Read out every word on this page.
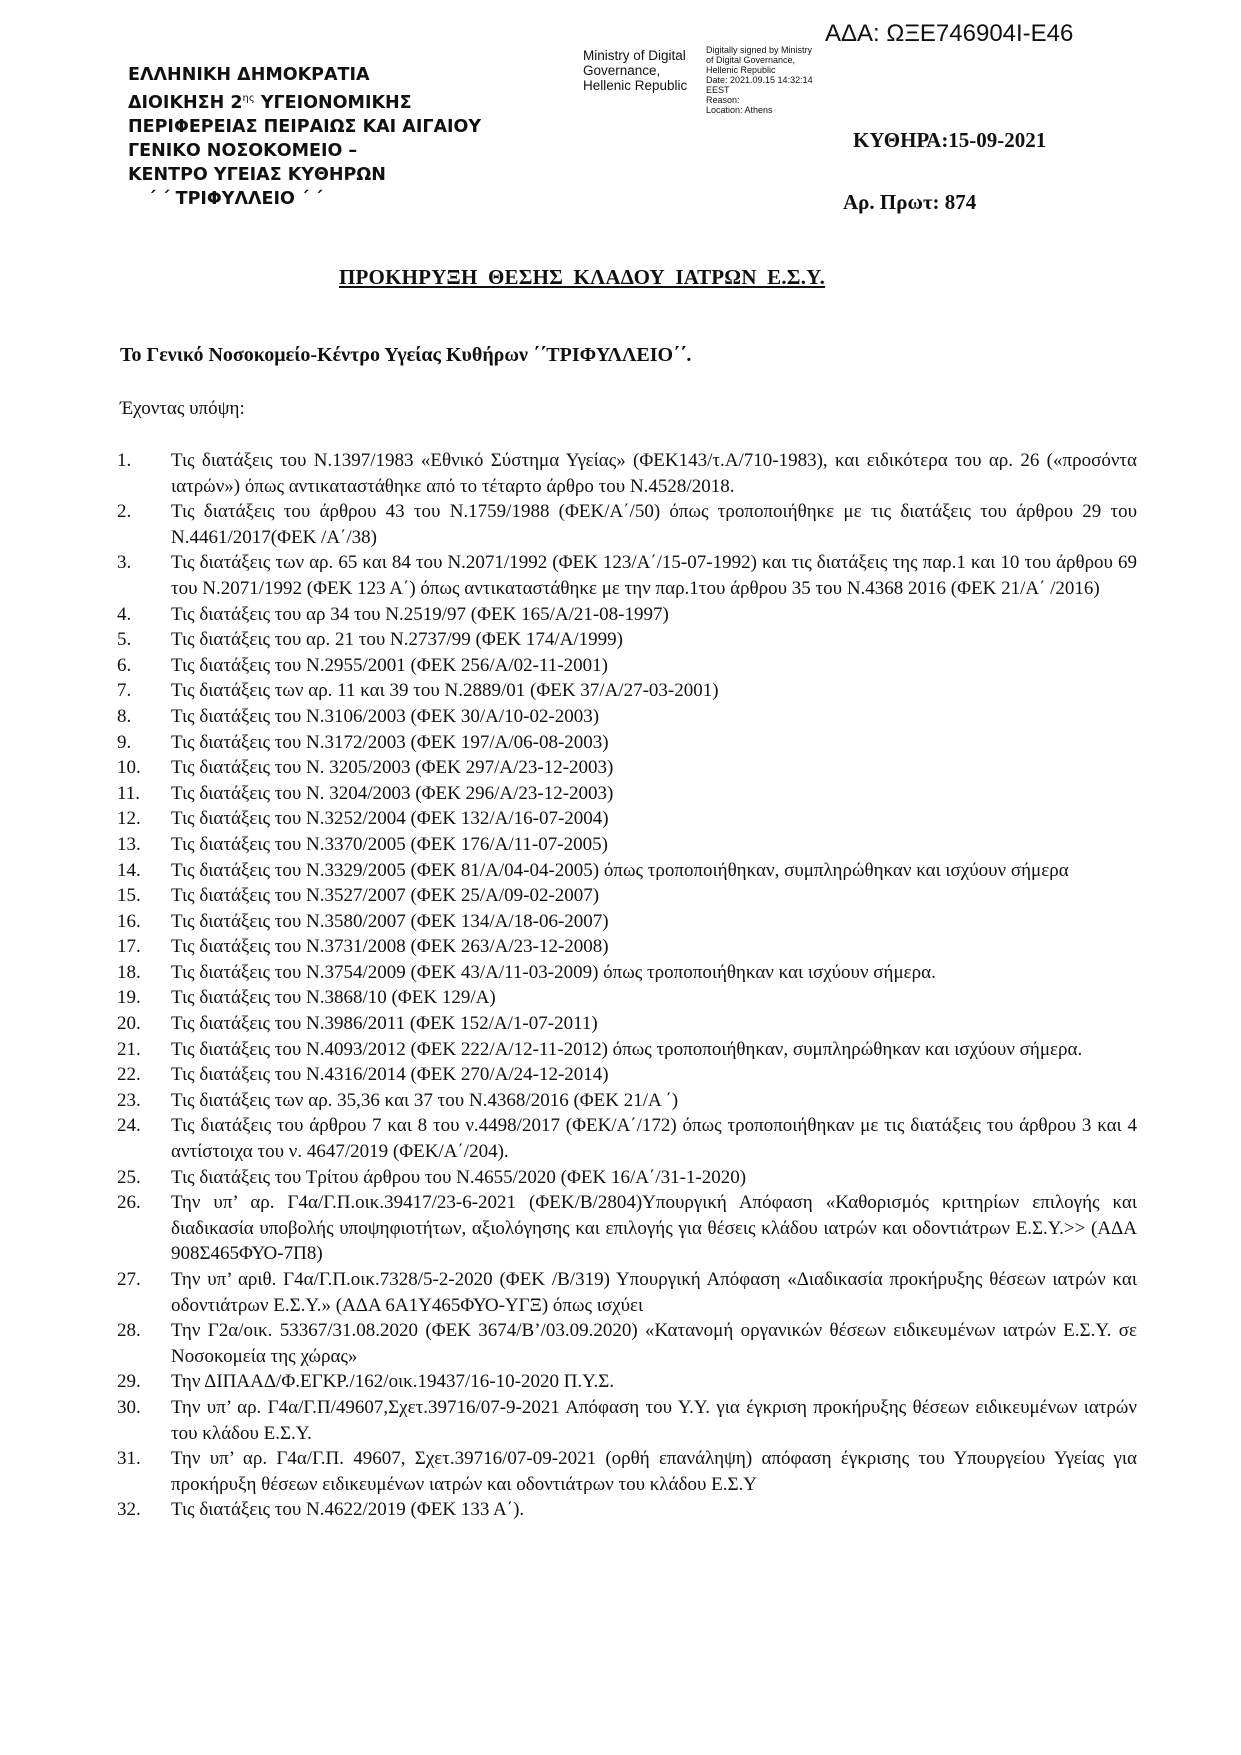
ΕΛΛΗΝΙΚΗ ΔΗΜΟΚΡΑΤΙΑ
ΔΙΟΙΚΗΣΗ $2^{\eta\varsigma}$ ΥΓΕΙΟΝΟΜΙΚΗΣ
ΠΕΡΙΦΕΡΕΙΑΣ ΠΕΙΡΑΙΩΣ ΚΑΙ ΑΙΓΑΙΟΥ
ΓΕΝΙΚΟ ΝΟΣΟΚΟΜΕΙΟ –
ΚΕΝΤΡΟ ΥΓΕΙΑΣ ΚΥΘΗΡΩΝ
΄ ΄ ΤΡΙΦΥΛΛΕΙΟ ΄ ΄
Ministry of Digital
Governance,
Hellenic Republic
Digitally signed by Ministry
of Digital Governance,
Hellenic Republic
Date: 2021.09.15 14:32:14
EEST
Reason:
Location: Athens
ΑΔΑ: ΩΞΕ746904Ι-Ε46
ΚΥΘΗΡΑ:15-09-2021
Αρ. Πρωτ: 874
ΠΡΟΚΗΡΥΞΗ ΘΕΣΗΣ ΚΛΑΔΟΥ ΙΑΤΡΩΝ Ε.Σ.Υ.
Το Γενικό Νοσοκομείο-Κέντρο Υγείας Κυθήρων ΄΄ΤΡΙΦΥΛΛΕΙΟ΄΄.
Έχοντας υπόψη:
1.	Τις διατάξεις του Ν.1397/1983 «Εθνικό Σύστημα Υγείας» (ΦΕΚ143/τ.Α/710-1983), και ειδικότερα του αρ. 26 («προσόντα ιατρών») όπως αντικαταστάθηκε από το τέταρτο άρθρο του Ν.4528/2018.
2.	Τις διατάξεις του άρθρου 43 του Ν.1759/1988 (ΦΕΚ/Α΄/50) όπως τροποποιήθηκε με τις διατάξεις του άρθρου 29 του Ν.4461/2017(ΦΕΚ /Α΄/38)
3.	Τις διατάξεις των αρ. 65 και 84 του Ν.2071/1992 (ΦΕΚ 123/Α΄/15-07-1992) και τις διατάξεις της παρ.1 και 10 του άρθρου 69 του Ν.2071/1992 (ΦΕΚ 123 Α΄) όπως αντικαταστάθηκε με την παρ.1του άρθρου 35 του Ν.4368 2016 (ΦΕΚ 21/Α΄ /2016)
4.	Τις διατάξεις του αρ 34 του Ν.2519/97 (ΦΕΚ 165/Α/21-08-1997)
5.	Τις διατάξεις του αρ. 21 του Ν.2737/99 (ΦΕΚ 174/Α/1999)
6.	Τις διατάξεις του Ν.2955/2001 (ΦΕΚ 256/Α/02-11-2001)
7.	Τις διατάξεις των αρ. 11 και 39 του Ν.2889/01 (ΦΕΚ 37/Α/27-03-2001)
8.	Τις διατάξεις του Ν.3106/2003 (ΦΕΚ 30/Α/10-02-2003)
9.	Τις διατάξεις του Ν.3172/2003 (ΦΕΚ 197/Α/06-08-2003)
10.	Τις διατάξεις του Ν. 3205/2003 (ΦΕΚ 297/Α/23-12-2003)
11.	Τις διατάξεις του Ν. 3204/2003 (ΦΕΚ 296/Α/23-12-2003)
12.	Τις διατάξεις του Ν.3252/2004 (ΦΕΚ 132/Α/16-07-2004)
13.	Τις διατάξεις του Ν.3370/2005 (ΦΕΚ 176/Α/11-07-2005)
14.	Τις διατάξεις του Ν.3329/2005 (ΦΕΚ 81/Α/04-04-2005) όπως τροποποιήθηκαν, συμπληρώθηκαν και ισχύουν σήμερα
15.	Τις διατάξεις του Ν.3527/2007 (ΦΕΚ 25/Α/09-02-2007)
16.	Τις διατάξεις του Ν.3580/2007 (ΦΕΚ 134/Α/18-06-2007)
17.	Τις διατάξεις του Ν.3731/2008 (ΦΕΚ 263/Α/23-12-2008)
18.	Τις διατάξεις του Ν.3754/2009 (ΦΕΚ 43/Α/11-03-2009) όπως τροποποιήθηκαν και ισχύουν σήμερα.
19.	Τις διατάξεις του Ν.3868/10 (ΦΕΚ 129/Α)
20.	Τις διατάξεις του Ν.3986/2011 (ΦΕΚ 152/Α/1-07-2011)
21.	Τις διατάξεις του Ν.4093/2012 (ΦΕΚ 222/Α/12-11-2012) όπως τροποποιήθηκαν, συμπληρώθηκαν και ισχύουν σήμερα.
22.	Τις διατάξεις του Ν.4316/2014 (ΦΕΚ 270/Α/24-12-2014)
23.	Τις διατάξεις των αρ. 35,36 και 37 του Ν.4368/2016 (ΦΕΚ 21/Α ΄)
24.	Τις διατάξεις του άρθρου 7 και 8 του ν.4498/2017 (ΦΕΚ/Α΄/172) όπως τροποποιήθηκαν με τις διατάξεις του άρθρου 3 και 4 αντίστοιχα του ν. 4647/2019 (ΦΕΚ/Α΄/204).
25.	Τις διατάξεις του Τρίτου άρθρου του Ν.4655/2020 (ΦΕΚ 16/Α΄/31-1-2020)
26.	Την υπ’ αρ. Γ4α/Γ.Π.οικ.39417/23-6-2021 (ΦΕΚ/Β/2804)Υπουργική Απόφαση «Καθορισμός κριτηρίων επιλογής και διαδικασία υποβολής υποψηφιοτήτων, αξιολόγησης και επιλογής για θέσεις κλάδου ιατρών και οδοντιάτρων Ε.Σ.Υ.>> (ΑΔΑ 908Σ465ΦΥΟ-7Π8)
27.	Την υπ’ αριθ. Γ4α/Γ.Π.οικ.7328/5-2-2020 (ΦΕΚ /Β/319) Υπουργική Απόφαση «Διαδικασία προκήρυξης θέσεων ιατρών και οδοντιάτρων Ε.Σ.Υ.» (ΑΔΑ 6Α1Υ465ΦΥΟ-ΥΓΞ) όπως ισχύει
28.	Την Γ2α/οικ. 53367/31.08.2020 (ΦΕΚ 3674/Β’/03.09.2020) «Κατανομή οργανικών θέσεων ειδικευμένων ιατρών Ε.Σ.Υ. σε Νοσοκομεία της χώρας»
29.	Την ΔΙΠΑΑΔ/Φ.ΕΓΚΡ./162/οικ.19437/16-10-2020 Π.Υ.Σ.
30.	Την υπ’ αρ. Γ4α/Γ.Π/49607,Σχετ.39716/07-9-2021 Απόφαση του Υ.Υ. για έγκριση προκήρυξης θέσεων ειδικευμένων ιατρών του κλάδου Ε.Σ.Υ.
31.	Την υπ’ αρ. Γ4α/Γ.Π. 49607, Σχετ.39716/07-09-2021 (ορθή επανάληψη) απόφαση έγκρισης του Υπουργείου Υγείας για προκήρυξη θέσεων ειδικευμένων ιατρών και οδοντιάτρων του κλάδου Ε.Σ.Υ
32.	Τις διατάξεις του Ν.4622/2019 (ΦΕΚ 133 Α΄).
